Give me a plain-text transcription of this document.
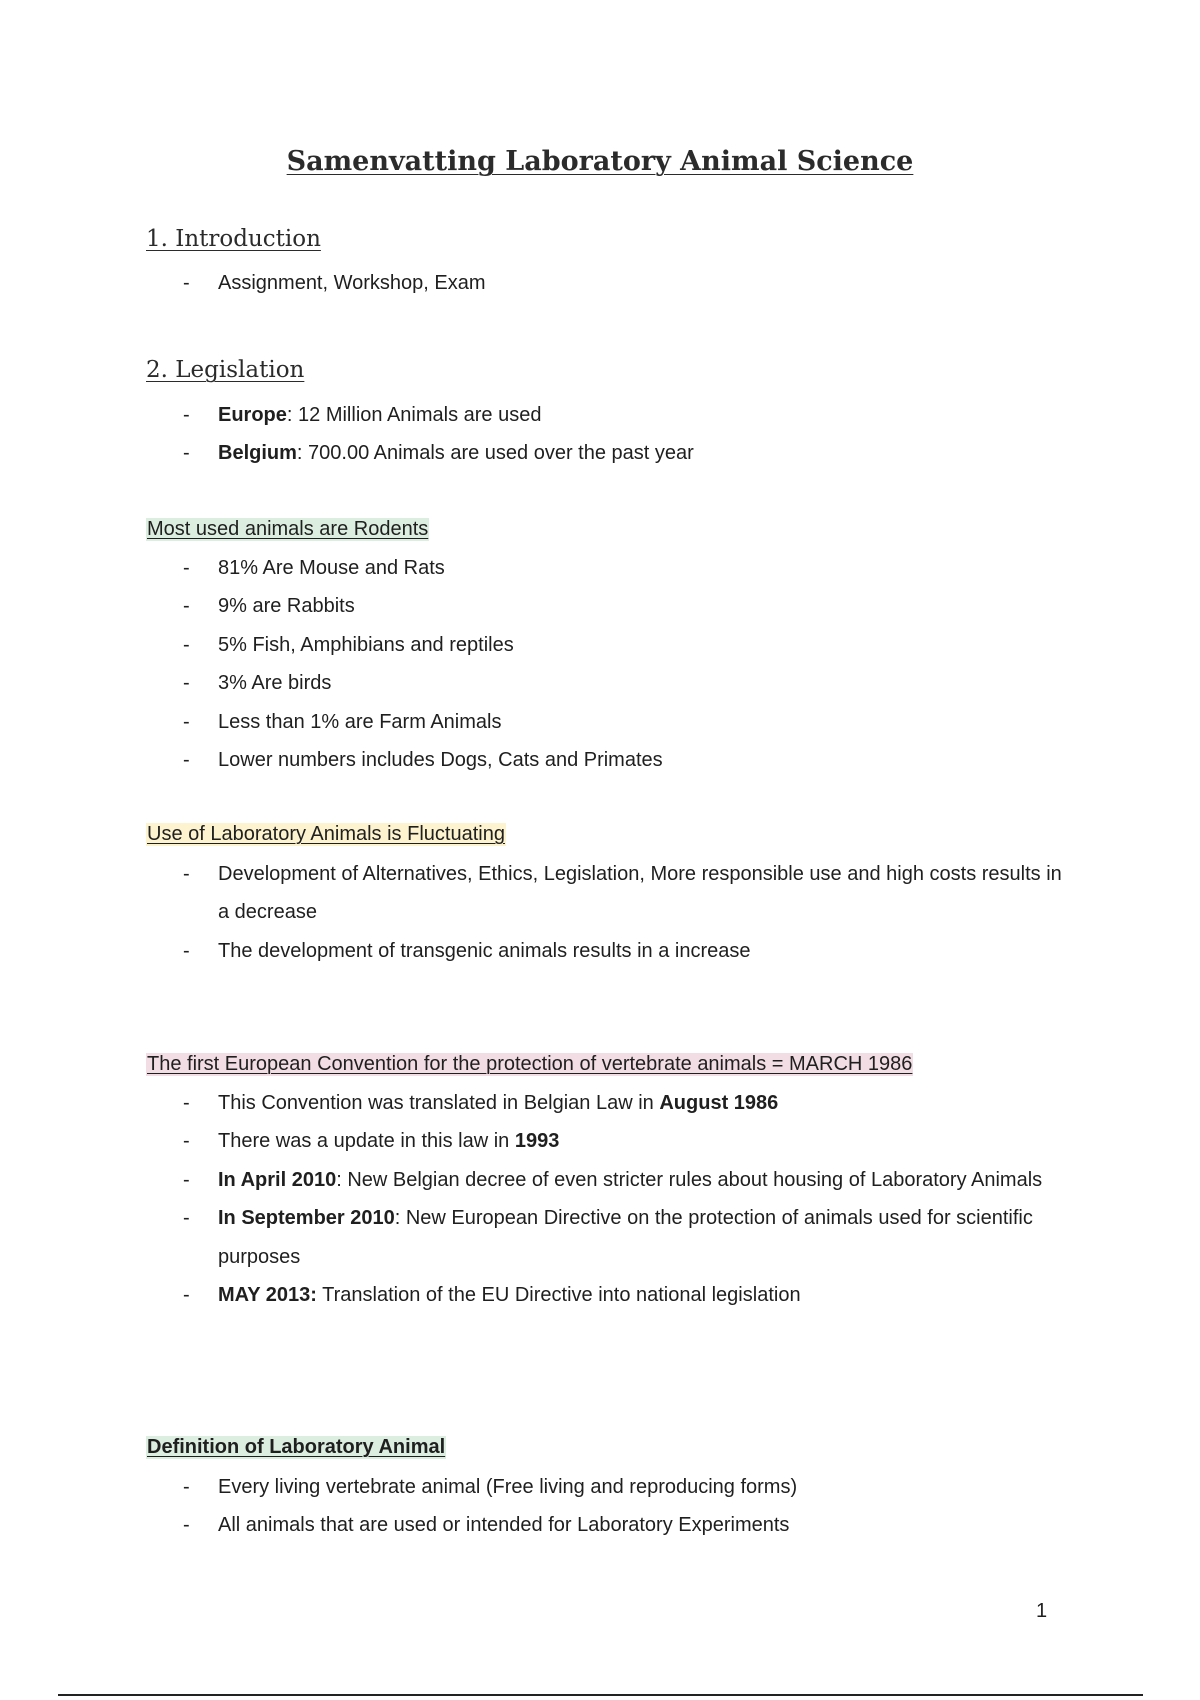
Samenvatting Laboratory Animal Science
1. Introduction
- Assignment, Workshop, Exam
2. Legislation
- Europe: 12 Million Animals are used
- Belgium: 700.00 Animals are used over the past year
Most used animals are Rodents
- 81% Are Mouse and Rats
- 9% are Rabbits
- 5% Fish, Amphibians and reptiles
- 3% Are birds
- Less than 1% are Farm Animals
- Lower numbers includes Dogs, Cats and Primates
Use of Laboratory Animals is Fluctuating
- Development of Alternatives, Ethics, Legislation, More responsible use and high costs results in a decrease
- The development of transgenic animals results in a increase
The first European Convention for the protection of vertebrate animals = MARCH 1986
- This Convention was translated in Belgian Law in August 1986
- There was a update in this law in 1993
- In April 2010: New Belgian decree of even stricter rules about housing of Laboratory Animals
- In September 2010: New European Directive on the protection of animals used for scientific purposes
- MAY 2013: Translation of the EU Directive into national legislation
Definition of Laboratory Animal
- Every living vertebrate animal (Free living and reproducing forms)
- All animals that are used or intended for Laboratory Experiments
1
